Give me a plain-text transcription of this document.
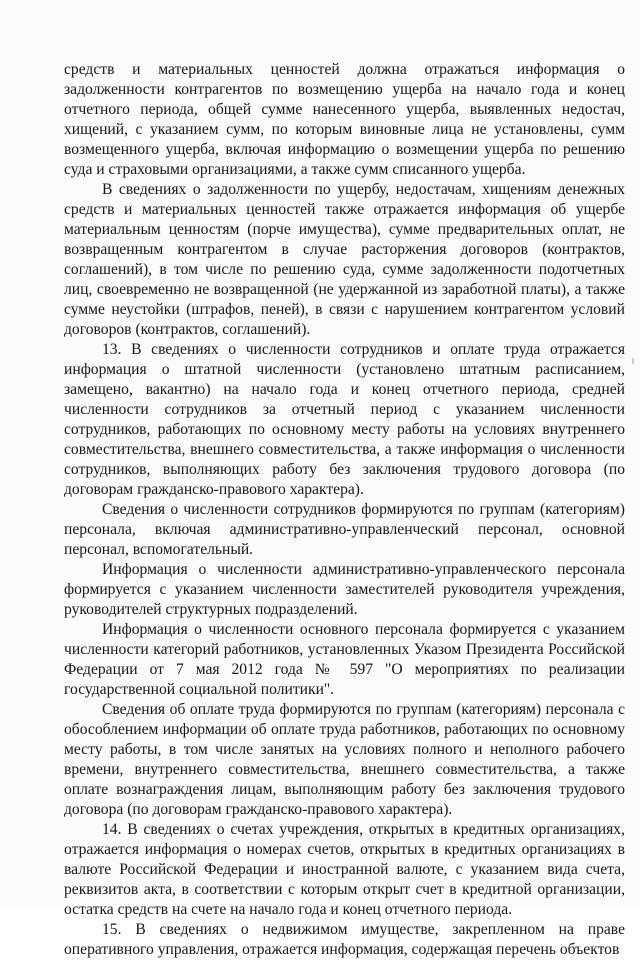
средств и материальных ценностей должна отражаться информация о задолженности контрагентов по возмещению ущерба на начало года и конец отчетного периода, общей сумме нанесенного ущерба, выявленных недостач, хищений, с указанием сумм, по которым виновные лица не установлены, сумм возмещенного ущерба, включая информацию о возмещении ущерба по решению суда и страховыми организациями, а также сумм списанного ущерба.

В сведениях о задолженности по ущербу, недостачам, хищениям денежных средств и материальных ценностей также отражается информация об ущербе материальным ценностям (порче имущества), сумме предварительных оплат, не возвращенным контрагентом в случае расторжения договоров (контрактов, соглашений), в том числе по решению суда, сумме задолженности подотчетных лиц, своевременно не возвращенной (не удержанной из заработной платы), а также сумме неустойки (штрафов, пеней), в связи с нарушением контрагентом условий договоров (контрактов, соглашений).

13. В сведениях о численности сотрудников и оплате труда отражается информация о штатной численности (установлено штатным расписанием, замещено, вакантно) на начало года и конец отчетного периода, средней численности сотрудников за отчетный период с указанием численности сотрудников, работающих по основному месту работы на условиях внутреннего совместительства, внешнего совместительства, а также информация о численности сотрудников, выполняющих работу без заключения трудового договора (по договорам гражданско-правового характера).

Сведения о численности сотрудников формируются по группам (категориям) персонала, включая административно-управленческий персонал, основной персонал, вспомогательный.

Информация о численности административно-управленческого персонала формируется с указанием численности заместителей руководителя учреждения, руководителей структурных подразделений.

Информация о численности основного персонала формируется с указанием численности категорий работников, установленных Указом Президента Российской Федерации от 7 мая 2012 года № 597 "О мероприятиях по реализации государственной социальной политики".

Сведения об оплате труда формируются по группам (категориям) персонала с обособлением информации об оплате труда работников, работающих по основному месту работы, в том числе занятых на условиях полного и неполного рабочего времени, внутреннего совместительства, внешнего совместительства, а также оплате вознаграждения лицам, выполняющим работу без заключения трудового договора (по договорам гражданско-правового характера).

14. В сведениях о счетах учреждения, открытых в кредитных организациях, отражается информация о номерах счетов, открытых в кредитных организациях в валюте Российской Федерации и иностранной валюте, с указанием вида счета, реквизитов акта, в соответствии с которым открыт счет в кредитной организации, остатка средств на счете на начало года и конец отчетного периода.

15. В сведениях о недвижимом имуществе, закрепленном на праве оперативного управления, отражается информация, содержащая перечень объектов
